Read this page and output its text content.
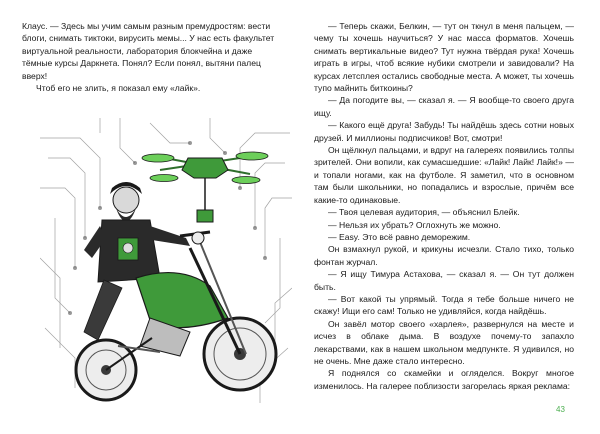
Клаус. — Здесь мы учим самым разным премудростям: вести блоги, снимать тиктоки, вирусить мемы... У нас есть факультет виртуальной реальности, лаборатория блокчейна и даже тёмные курсы Даркнета. Понял? Если понял, вытяни палец вверх!

Чтоб его не злить, я показал ему «лайк».

— Теперь скажи, Белкин, — тут он ткнул в меня пальцем, — чему ты хочешь научиться? У нас масса форматов. Хочешь снимать вертикальные видео? Тут нужна твёрдая рука! Хочешь играть в игры, чтоб всякие нубики смотрели и завидовали? На курсах летсплея остались свободные места. А может, ты хочешь тупо майнить биткоины?

— Да погодите вы, — сказал я. — Я вообще-то своего друга ищу.

— Какого ещё друга! Забудь! Ты найдёшь здесь сотни новых друзей. И миллионы подписчиков! Вот, смотри!

Он щёлкнул пальцами, и вдруг на галереях появились толпы зрителей. Они вопили, как сумасшедшие: «Лайк! Лайк! Лайк!» — и топали ногами, как на футболе. Я заметил, что в основном там были школьники, но попадались и взрослые, причём все какие-то одинаковые.

— Твоя целевая аудитория, — объяснил Блейк.

— Нельзя их убрать? Оглохнуть же можно.

— Easy. Это всё равно деморежим.

Он взмахнул рукой, и крикуны исчезли. Стало тихо, только фонтан журчал.

— Я ищу Тимура Астахова, — сказал я. — Он тут должен быть.

— Вот какой ты упрямый. Тогда я тебе больше ничего не скажу! Ищи его сам! Только не удивляйся, когда найдёшь.

Он завёл мотор своего «харлея», развернулся на месте и исчез в облаке дыма. В воздухе почему-то запахло лекарствами, как в нашем школьном медпункте. Я удивился, но не очень. Мне даже стало интересно.

Я поднялся со скамейки и огляделся. Вокруг многое изменилось. На галерее поблизости загорелась яркая реклама:

43
